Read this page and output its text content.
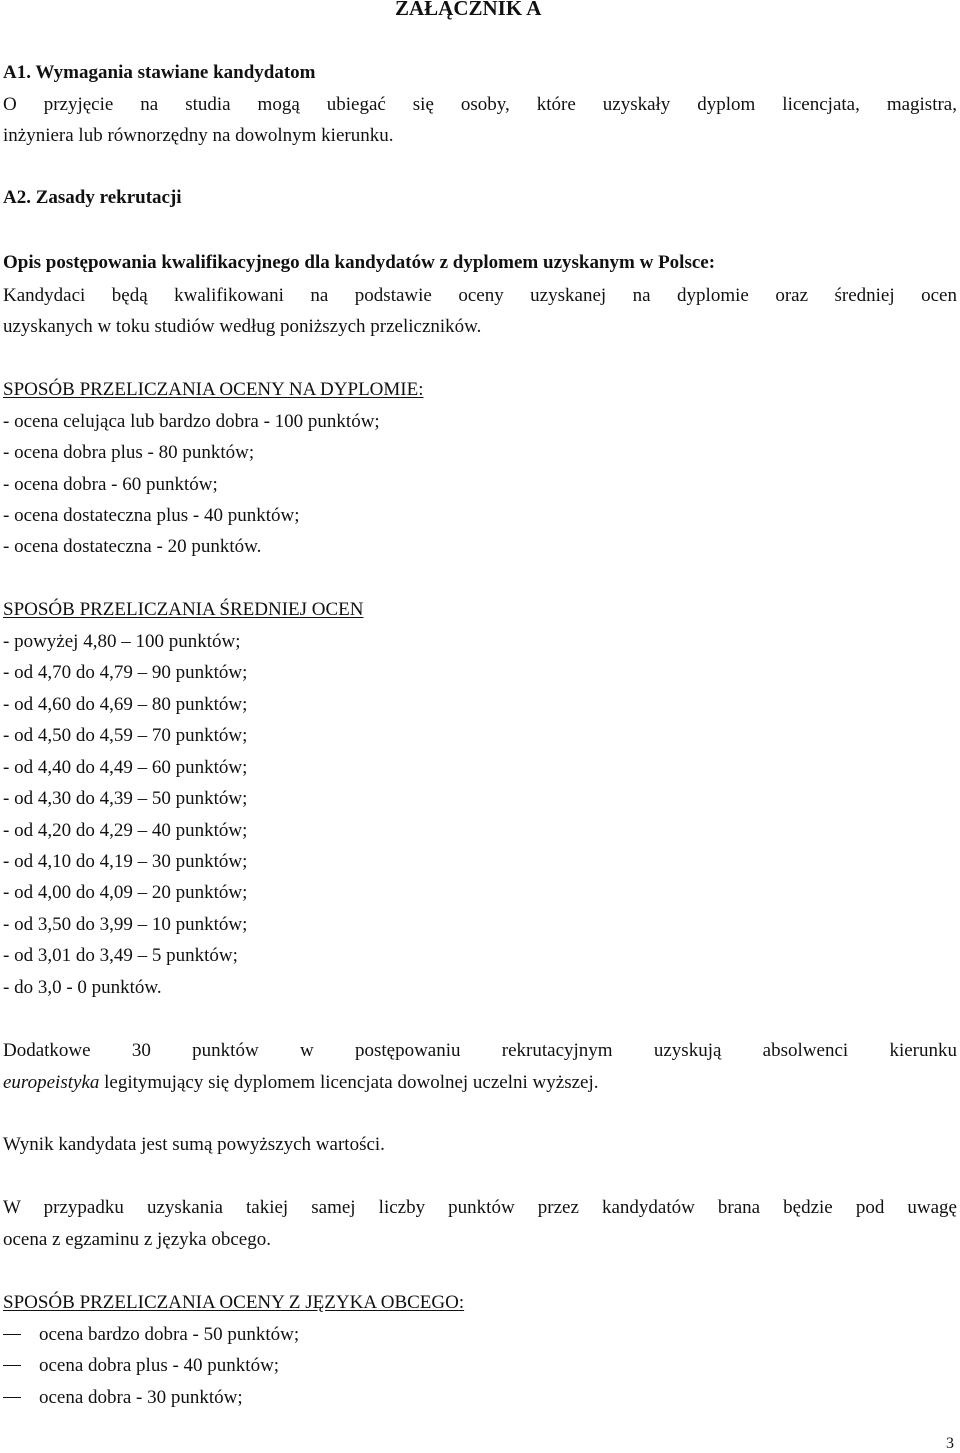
ZAŁĄCZNIK A
A1. Wymagania stawiane kandydatom
O przyjęcie na studia mogą ubiegać się osoby, które uzyskały dyplom licencjata, magistra,
inżyniera lub równorzędny na dowolnym kierunku.
A2. Zasady rekrutacji
Opis postępowania kwalifikacyjnego dla kandydatów z dyplomem uzyskanym w Polsce:
Kandydaci będą kwalifikowani na podstawie oceny uzyskanej na dyplomie oraz średniej ocen
uzyskanych w toku studiów według poniższych przeliczników.
SPOSÓB PRZELICZANIA OCENY NA DYPLOMIE:
- ocena celująca lub bardzo dobra - 100 punktów;
- ocena dobra plus - 80 punktów;
- ocena dobra - 60 punktów;
- ocena dostateczna plus - 40 punktów;
- ocena dostateczna - 20 punktów.
SPOSÓB PRZELICZANIA ŚREDNIEJ OCEN
- powyżej 4,80 – 100 punktów;
- od 4,70 do 4,79 – 90 punktów;
- od 4,60 do 4,69 – 80 punktów;
- od 4,50 do 4,59 – 70 punktów;
- od 4,40 do 4,49 – 60 punktów;
- od 4,30 do 4,39 – 50 punktów;
- od 4,20 do 4,29 – 40 punktów;
- od 4,10 do 4,19 – 30 punktów;
- od 4,00 do 4,09 – 20 punktów;
- od 3,50 do 3,99 – 10 punktów;
- od 3,01 do 3,49 – 5 punktów;
- do 3,0 - 0 punktów.
Dodatkowe 30 punktów w postępowaniu rekrutacyjnym uzyskują absolwenci kierunku
europeistyka legitymujący się dyplomem licencjata dowolnej uczelni wyższej.
Wynik kandydata jest sumą powyższych wartości.
W przypadku uzyskania takiej samej liczby punktów przez kandydatów brana będzie pod uwagę
ocena z egzaminu z języka obcego.
SPOSÓB PRZELICZANIA OCENY Z JĘZYKA OBCEGO:
ocena bardzo dobra - 50 punktów;
ocena dobra plus - 40 punktów;
ocena dobra - 30 punktów;
3
